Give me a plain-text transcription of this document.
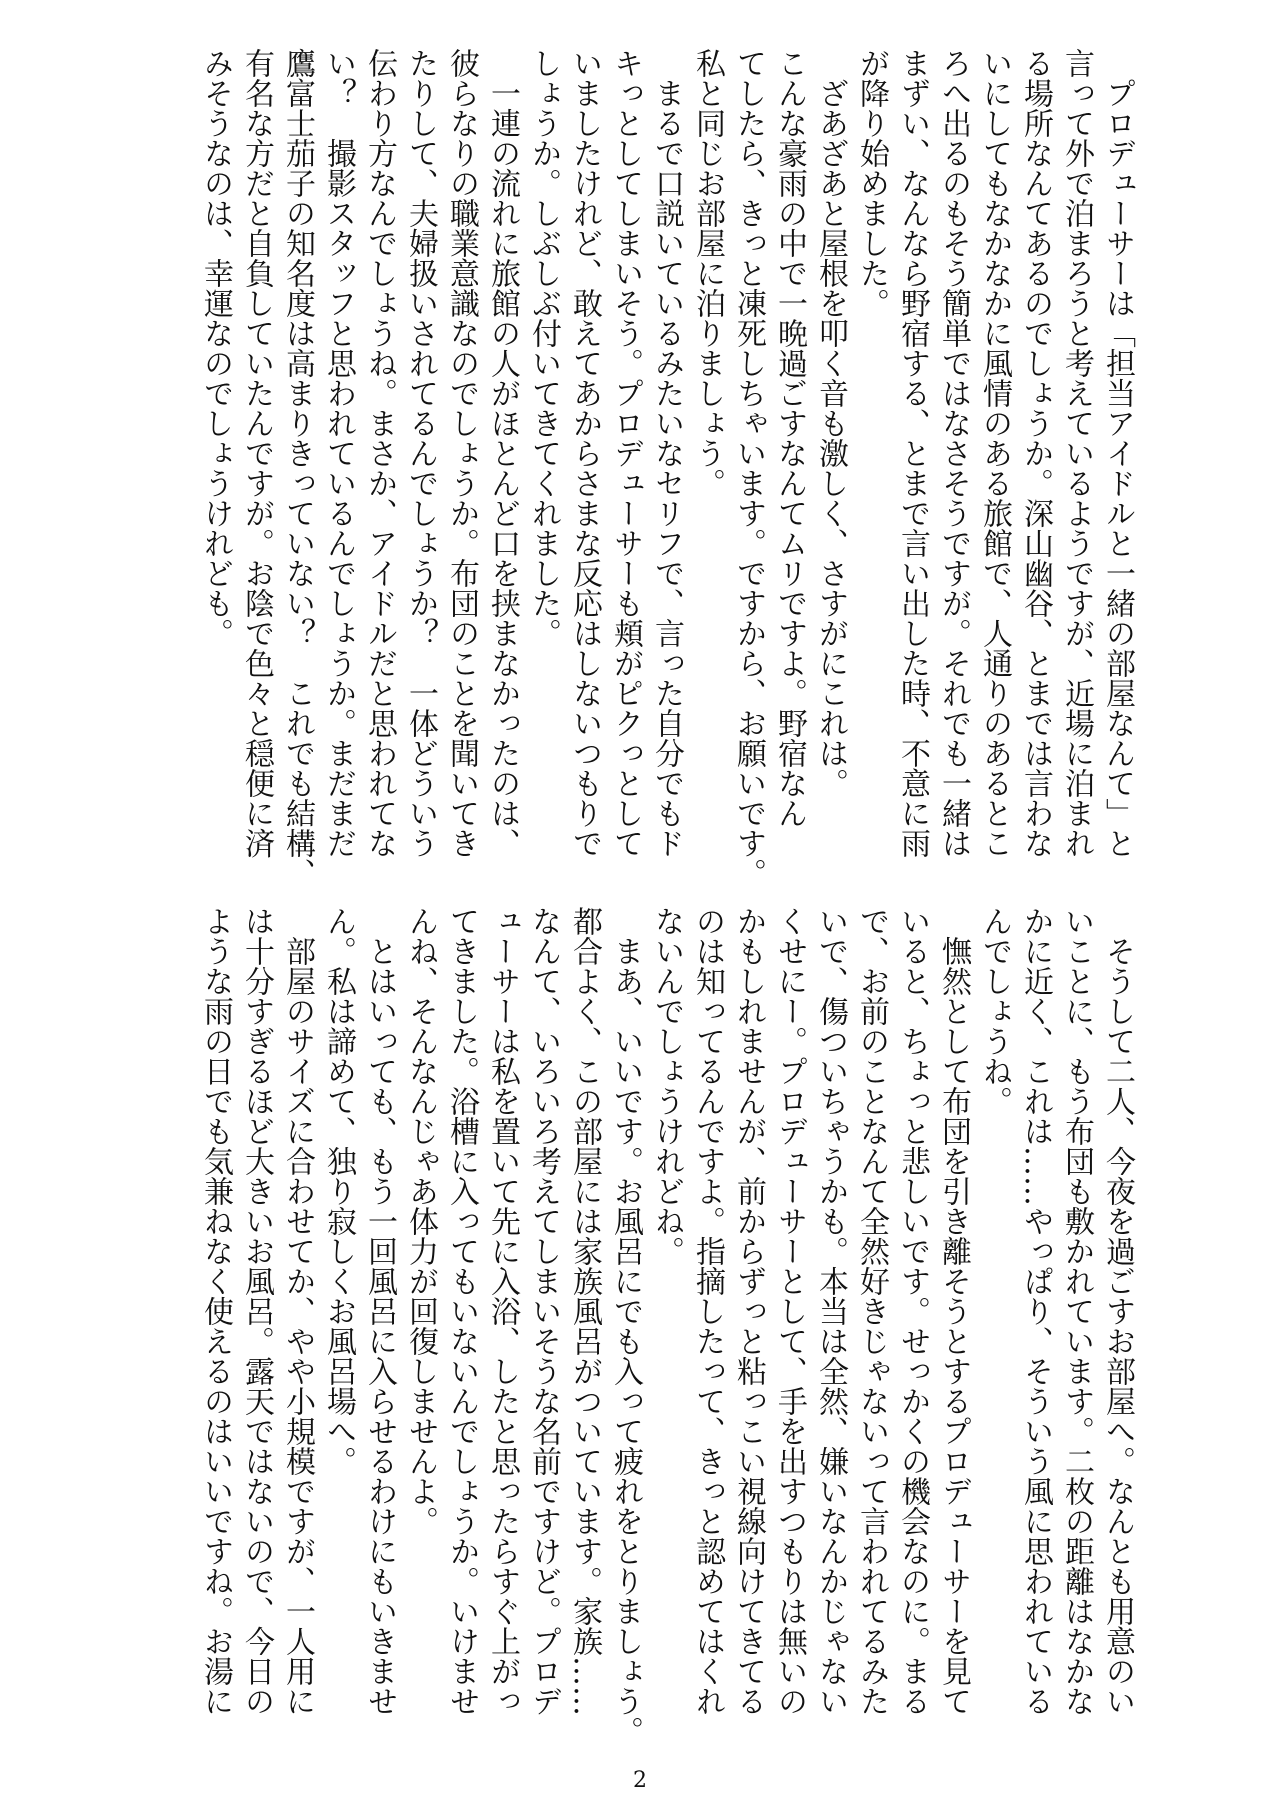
　プロデューサーは「担当アイドルと一緒の部屋なんて」と
言って外で泊まろうと考えているようですが、近場に泊まれ
る場所なんてあるのでしょうか。深山幽谷、とまでは言わな
いにしてもなかなかに風情のある旅館で、人通りのあるとこ
ろへ出るのもそう簡単ではなさそうですが。それでも一緒は
まずい、なんなら野宿する、とまで言い出した時、不意に雨
が降り始めました。
　ざあざあと屋根を叩く音も激しく、さすがにこれは。
こんな豪雨の中で一晩過ごすなんてムリですよ。野宿なん
てしたら、きっと凍死しちゃいます。ですから、お願いです。
私と同じお部屋に泊りましょう。
　まるで口説いているみたいなセリフで、言った自分でもド
キっとしてしまいそう。プロデューサーも頬がピクっとして
いましたけれど、敢えてあからさまな反応はしないつもりで
しょうか。しぶしぶ付いてきてくれました。
　一連の流れに旅館の人がほとんど口を挟まなかったのは、
彼らなりの職業意識なのでしょうか。布団のことを聞いてき
たりして、夫婦扱いされてるんでしょうか？　一体どういう
伝わり方なんでしょうね。まさか、アイドルだと思われてな
い？　撮影スタッフと思われているんでしょうか。まだまだ
鷹富士茄子の知名度は高まりきっていない？　これでも結構、
有名な方だと自負していたんですが。お陰で色々と穏便に済
みそうなのは、幸運なのでしょうけれども。
　そうして二人、今夜を過ごすお部屋へ。なんとも用意のい
いことに、もう布団も敷かれています。二枚の距離はなかな
かに近く、これは……やっぱり、そういう風に思われている
んでしょうね。
　憮然として布団を引き離そうとするプロデューサーを見て
いると、ちょっと悲しいです。せっかくの機会なのに。まる
で、お前のことなんて全然好きじゃないって言われてるみた
いで、傷ついちゃうかも。本当は全然、嫌いなんかじゃない
くせにー。プロデューサーとして、手を出すつもりは無いの
かもしれませんが、前からずっと粘っこい視線向けてきてる
のは知ってるんですよ。指摘したって、きっと認めてはくれ
ないんでしょうけれどね。
　まあ、いいです。お風呂にでも入って疲れをとりましょう。
都合よく、この部屋には家族風呂がついています。家族……
なんて、いろいろ考えてしまいそうな名前ですけど。プロデ
ューサーは私を置いて先に入浴、したと思ったらすぐ上がっ
てきました。浴槽に入ってもいないんでしょうか。いけませ
んね、そんなんじゃあ体力が回復しませんよ。
　とはいっても、もう一回風呂に入らせるわけにもいきませ
ん。私は諦めて、独り寂しくお風呂場へ。
　部屋のサイズに合わせてか、やや小規模ですが、一人用に
は十分すぎるほど大きいお風呂。露天ではないので、今日の
ような雨の日でも気兼ねなく使えるのはいいですね。お湯に
2
